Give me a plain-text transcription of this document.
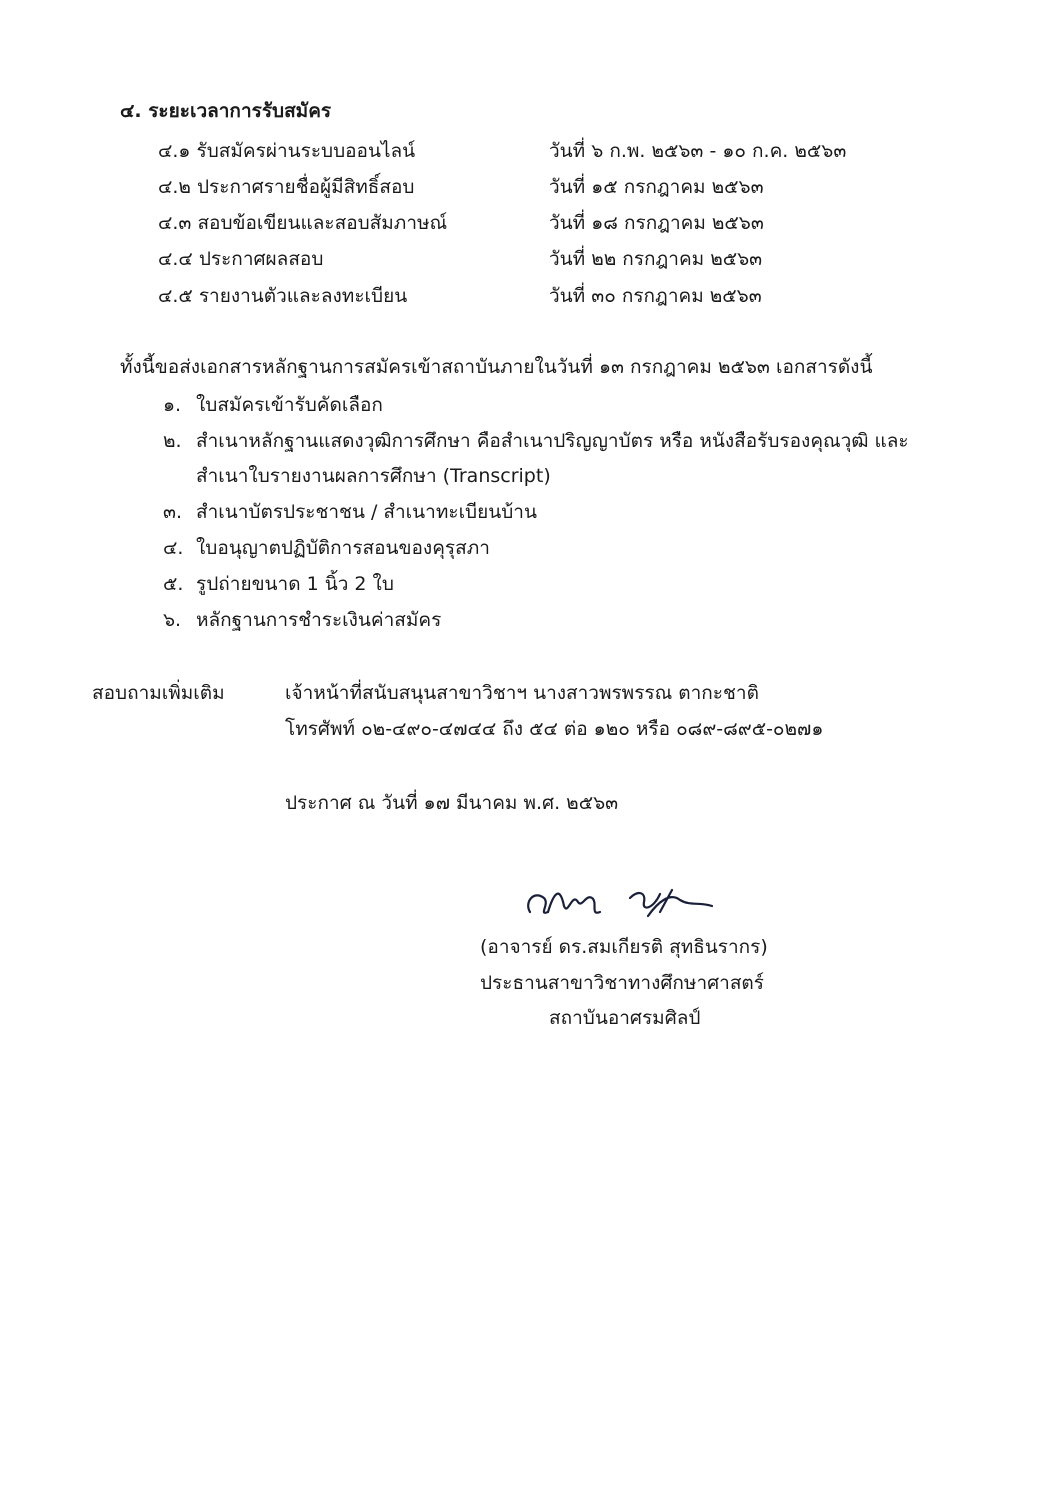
๔. ระยะเวลาการรับสมัคร
๔.๑ รับสมัครผ่านระบบออนไลน์	วันที่ ๖ ก.พ. ๒๕๖๓ - ๑๐ ก.ค. ๒๕๖๓
๔.๒ ประกาศรายชื่อผู้มีสิทธิ์สอบ	วันที่ ๑๕ กรกฎาคม ๒๕๖๓
๔.๓ สอบข้อเขียนและสอบสัมภาษณ์	วันที่ ๑๘ กรกฎาคม ๒๕๖๓
๔.๔ ประกาศผลสอบ	วันที่ ๒๒ กรกฎาคม ๒๕๖๓
๔.๕ รายงานตัวและลงทะเบียน	วันที่ ๓๐ กรกฎาคม ๒๕๖๓
ทั้งนี้ขอส่งเอกสารหลักฐานการสมัครเข้าสถาบันภายในวันที่ ๑๓ กรกฎาคม ๒๕๖๓ เอกสารดังนี้
๑. ใบสมัครเข้ารับคัดเลือก
๒. สำเนาหลักฐานแสดงวุฒิการศึกษา คือสำเนาปริญญาบัตร หรือ หนังสือรับรองคุณวุฒิ และ
สำเนาใบรายงานผลการศึกษา (Transcript)
๓. สำเนาบัตรประชาชน / สำเนาทะเบียนบ้าน
๔. ใบอนุญาตปฏิบัติการสอนของคุรุสภา
๕. รูปถ่ายขนาด 1 นิ้ว 2 ใบ
๖. หลักฐานการชำระเงินค่าสมัคร
สอบถามเพิ่มเติม	เจ้าหน้าที่สนับสนุนสาขาวิชาฯ นางสาวพรพรรณ ตากะชาติ
โทรศัพท์ ๐๒-๔๙๐-๔๗๔๔ ถึง ๕๔ ต่อ ๑๒๐ หรือ ๐๘๙-๘๙๕-๐๒๗๑
ประกาศ ณ วันที่ ๑๗ มีนาคม พ.ศ. ๒๕๖๓
(อาจารย์ ดร.สมเกียรติ สุทธินรากร)
ประธานสาขาวิชาทางศึกษาศาสตร์
สถาบันอาศรมศิลป์
